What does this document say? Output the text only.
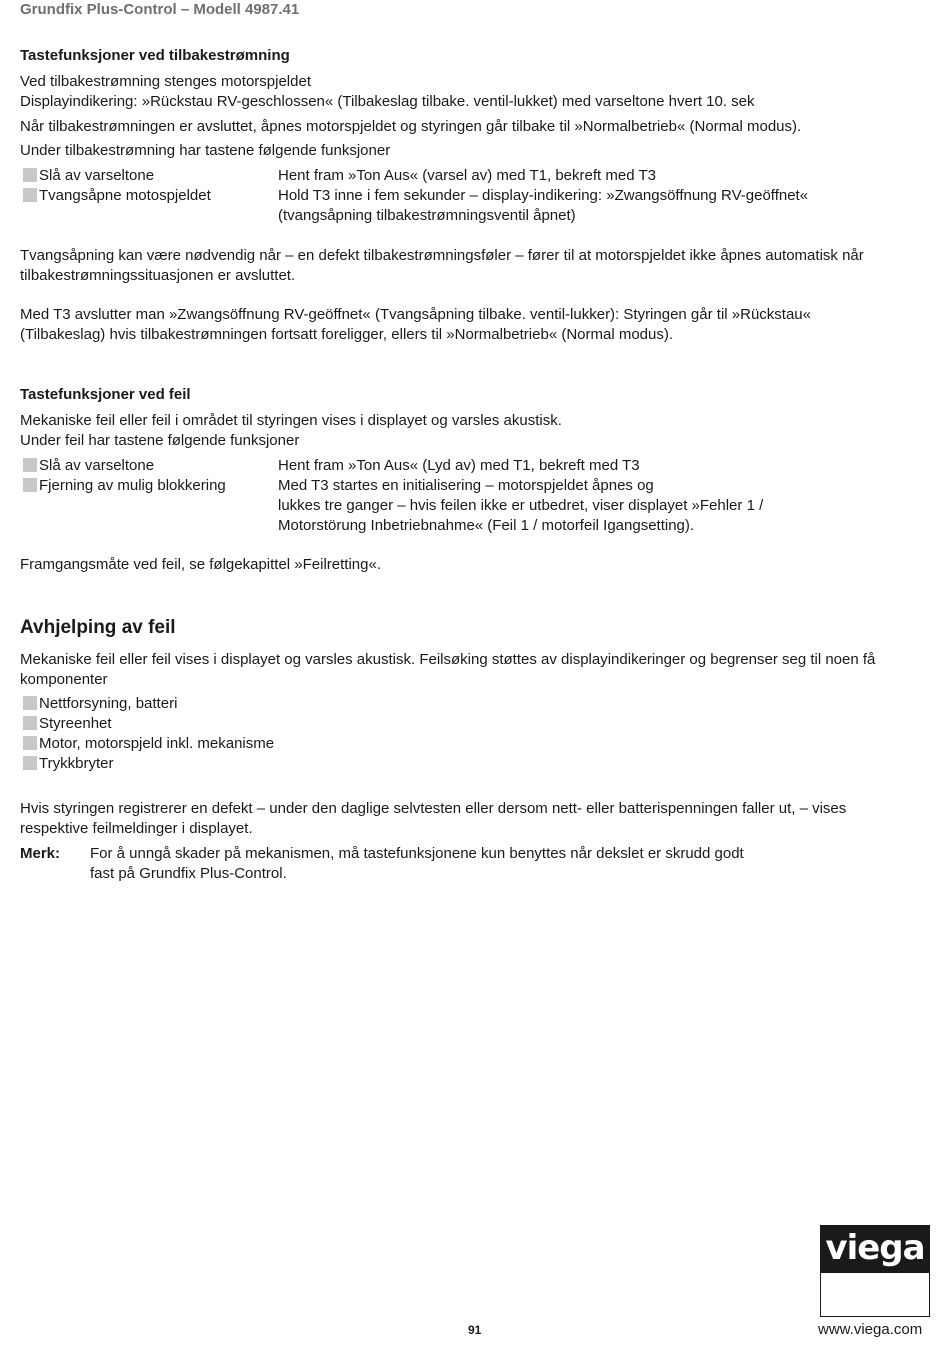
Grundfix Plus-Control – Modell 4987.41
Tastefunksjoner ved tilbakestrømning
Ved tilbakestrømning stenges motorspjeldet
Displayindikering: »Rückstau RV-geschlossen« (Tilbakeslag tilbake. ventil-lukket) med varseltone hvert 10. sek
Når tilbakestrømningen er avsluttet, åpnes motorspjeldet og styringen går tilbake til »Normalbetrieb« (Normal modus).
Under tilbakestrømning har tastene følgende funksjoner
Slå av varseltone	Hent fram »Ton Aus« (varsel av) med T1, bekreft med T3
Tvangsåpne motospjeldet	Hold T3 inne i fem sekunder – display-indikering: »Zwangsöffnung RV-geöffnet«
(tvangsåpning tilbakestrømningsventil åpnet)
Tvangsåpning kan være nødvendig når – en defekt tilbakestrømningsføler – fører til at motorspjeldet ikke åpnes automatisk når
tilbakestrømningssituasjonen er avsluttet.
Med T3 avslutter man »Zwangsöffnung RV-geöffnet« (Tvangsåpning tilbake. ventil-lukker): Styringen går til »Rückstau«
(Tilbakeslag) hvis tilbakestrømningen fortsatt foreligger, ellers til »Normalbetrieb« (Normal modus).
Tastefunksjoner ved feil
Mekaniske feil eller feil i området til styringen vises i displayet og varsles akustisk.
Under feil har tastene følgende funksjoner
Slå av varseltone	Hent fram »Ton Aus« (Lyd av) med T1, bekreft med T3
Fjerning av mulig blokkering	Med T3 startes en initialisering – motorspjeldet åpnes og
lukkes tre ganger – hvis feilen ikke er utbedret, viser displayet »Fehler 1 /
Motorstörung Inbetriebnahme« (Feil 1 / motorfeil Igangsetting).
Framgangsmåte ved feil, se følgekapittel »Feilretting«.
Avhjelping av feil
Mekaniske feil eller feil vises i displayet og varsles akustisk. Feilsøking støttes av displayindikeringer og begrenser seg til noen få
komponenter
Nettforsyning, batteri
Styreenhet
Motor, motorspjeld inkl. mekanisme
Trykkbryter
Hvis styringen registrerer en defekt – under den daglige selvtesten eller dersom nett- eller batterispenningen faller ut, – vises
respektive feilmeldinger i displayet.
Merk: For å unngå skader på mekanismen, må tastefunksjonene kun benyttes når dekslet er skrudd godt
fast på Grundfix Plus-Control.
91
viega
www.viega.com
